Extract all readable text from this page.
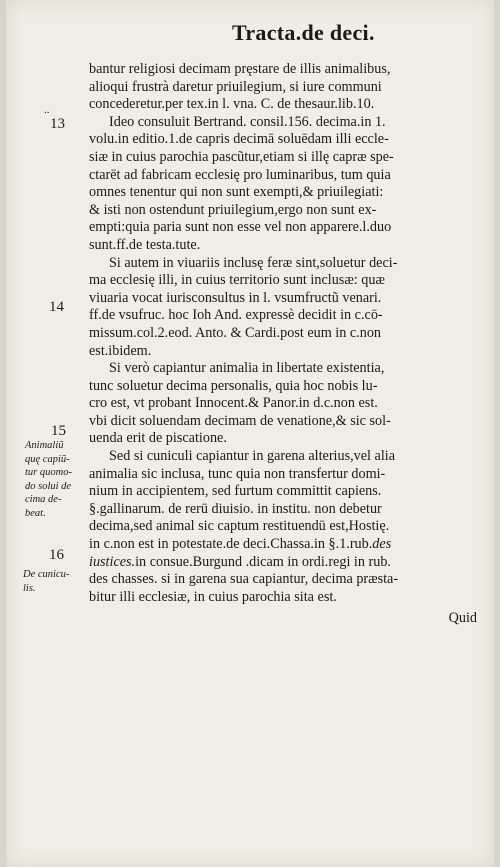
Tracta.de deci.
..
13
14
15
Animaliũ
quę capiũ-
tur quomo-
do solui de
cima de-
beat.
16
De cunicu-
lis.
bantur religiosi decimam pręstare de illis animalibus,
alioqui frustrà daretur priuilegium, si iure communi
concederetur.per tex.in l. vna. C. de thesaur.lib.10.
Ideo consuluit Bertrand. consil.156. decima.in 1.
volu.in editio.1.de capris decimā soluēdam illi eccle-
siæ in cuius parochia pascũtur,etiam si illę capræ spe-
ctarēt ad fabricam ecclesię pro luminaribus, tum quia
omnes tenentur qui non sunt exempti,& priuilegiati:
& isti non ostendunt priuilegium,ergo non sunt ex-
empti:quia paria sunt non esse vel non apparere.l.duo
sunt.ff.de testa.tute.
Si autem in viuariis inclusę feræ sint,soluetur deci-
ma ecclesię illi, in cuius territorio sunt inclusæ: quæ
viuaria vocat iurisconsultus in l. vsumfructũ venari.
ff.de vsufruc. hoc Ioh And. expressè decidit in c.cō-
missum.col.2.eod. Anto. & Cardi.post eum in c.non
est.ibidem.
Si verò capiantur animalia in libertate existentia,
tunc soluetur decima personalis, quia hoc nobis lu-
cro est, vt probant Innocent.& Panor.in d.c.non est.
vbi dicit soluendam decimam de venatione,& sic sol-
uenda erit de piscatione.
Sed si cuniculi capiantur in garena alterius,vel alia
animalia sic inclusa, tunc quia non transfertur domi-
nium in accipientem, sed furtum committit capiens.
§.gallinarum. de rerū diuisio. in institu. non debetur
decima,sed animal sic captum restituendū est,Hostię.
in c.non est in potestate.de deci.Chassa.in §.1.rub.des
iustices.in consue.Burgund .dicam in ordi.regi in rub.
des chasses. si in garena sua capiantur, decima præsta-
bitur illi ecclesiæ, in cuius parochia sita est.
Quid
